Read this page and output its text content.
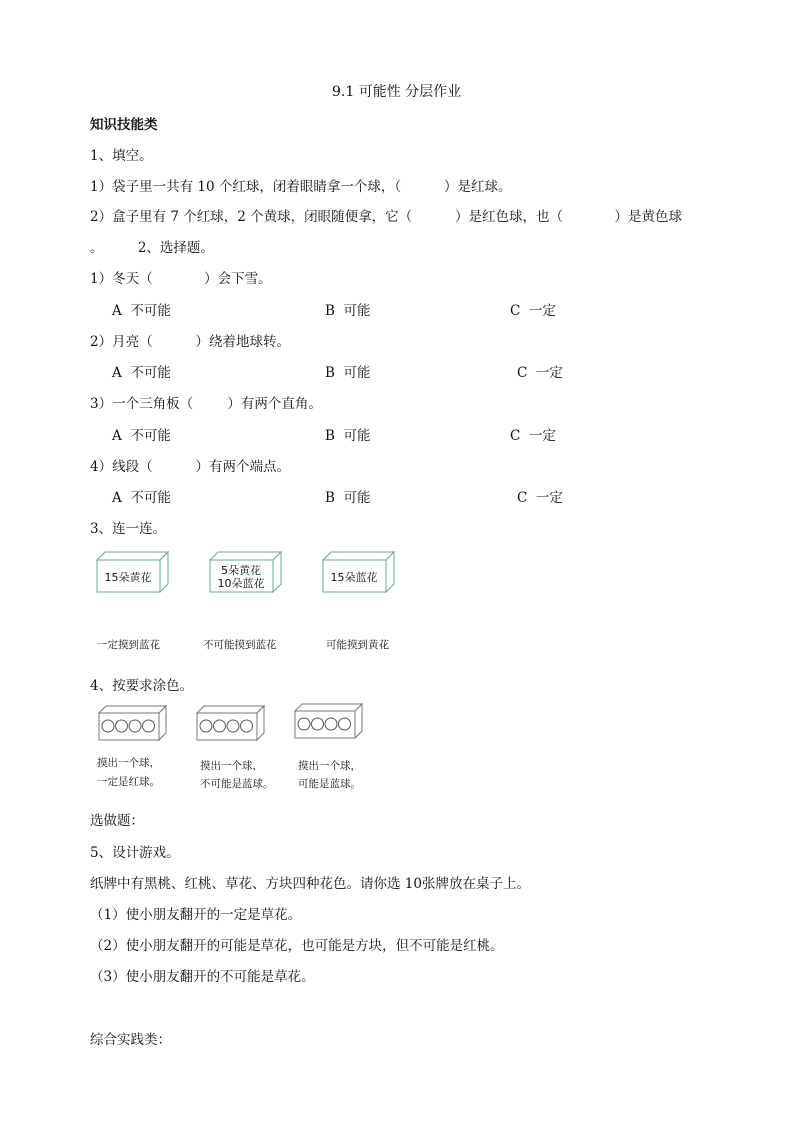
9.1 可能性 分层作业
知识技能类
1、填空。
1）袋子里一共有 10 个红球，闭着眼睛拿一个球，（          ）是红球。
2）盒子里有 7 个红球，2 个黄球，闭眼随便拿，它（          ）是红色球，也（            ）是黄色球
。        2、选择题。
1）冬天（            ）会下雪。
A  不可能	B  可能	C  一定
2）月亮（          ）绕着地球转。
A  不可能	B  可能	C  一定
3）一个三角板（        ）有两个直角。
A  不可能	B  可能	C  一定
4）线段（          ）有两个端点。
A  不可能	B  可能	C  一定
3、连一连。
15朵黄花
5朵黄花
10朵蓝花	15朵蓝花
一定摸到蓝花	不可能摸到蓝花	可能摸到黄花
4、按要求涂色。
摸出一个球，
一定是红球。
摸出一个球，
不可能是蓝球。
摸出一个球，
可能是蓝球。
选做题：
5、设计游戏。
纸牌中有黑桃、红桃、草花、方块四种花色。请你选 10张牌放在桌子上。
（1）使小朋友翻开的一定是草花。
（2）使小朋友翻开的可能是草花，也可能是方块，但不可能是红桃。
（3）使小朋友翻开的不可能是草花。
综合实践类：
